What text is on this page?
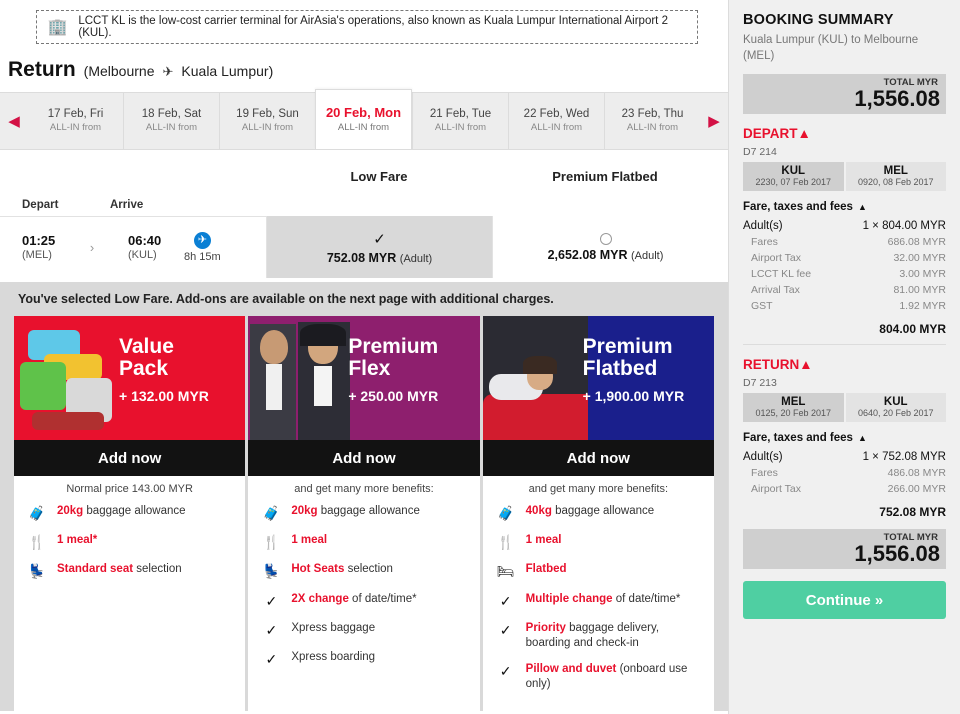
🏢 LCCT KL is the low-cost carrier terminal for AirAsia's operations, also known as Kuala Lumpur International Airport 2 (KUL).
Return (Melbourne ✈ Kuala Lumpur)
◀	17 Feb, Fri
ALL-IN from
18 Feb, Sat
ALL-IN from
19 Feb, Sun
ALL-IN from
20 Feb, Mon
ALL-IN from
21 Feb, Tue
ALL-IN from
22 Feb, Wed
ALL-IN from
23 Feb, Thu
ALL-IN from	▶
Low Fare	Premium Flatbed
Depart	Arrive
01:25
(MEL)	›	06:40
(KUL)
✈
8h 15m
✓
752.08 MYR (Adult)	2,652.08 MYR (Adult)
You've selected Low Fare. Add-ons are available on the next page with additional charges.
Value
Pack
+ 132.00 MYR
Add now
Normal price 143.00 MYR
🧳 20kg baggage allowance
🍴 1 meal*
💺 Standard seat selection
Premium
Flex
+ 250.00 MYR
Add now
and get many more benefits:
🧳 20kg baggage allowance
🍴 1 meal
💺 Hot Seats selection
✓	2X change of date/time*
✓	Xpress baggage
✓	Xpress boarding
Premium
Flatbed
+ 1,900.00 MYR
Add now
and get many more benefits:
🧳 40kg baggage allowance
🍴 1 meal
🛏 Flatbed
✓	Multiple change of date/time*
✓	Priority baggage delivery, boarding and check-in
✓	Pillow and duvet (onboard use only)
BOOKING SUMMARY
Kuala Lumpur (KUL) to Melbourne (MEL)
TOTAL MYR
1,556.08
DEPART▲
D7 214
KUL
2230, 07 Feb 2017
MEL
0920, 08 Feb 2017
Fare, taxes and fees ▲
Adult(s)	1 × 804.00 MYR
Fares	686.08 MYR
Airport Tax	32.00 MYR
LCCT KL fee	3.00 MYR
Arrival Tax	81.00 MYR
GST	1.92 MYR
804.00 MYR
RETURN▲
D7 213
MEL
0125, 20 Feb 2017
KUL
0640, 20 Feb 2017
Fare, taxes and fees ▲
Adult(s)	1 × 752.08 MYR
Fares	486.08 MYR
Airport Tax	266.00 MYR
752.08 MYR
TOTAL MYR
1,556.08
Continue »
